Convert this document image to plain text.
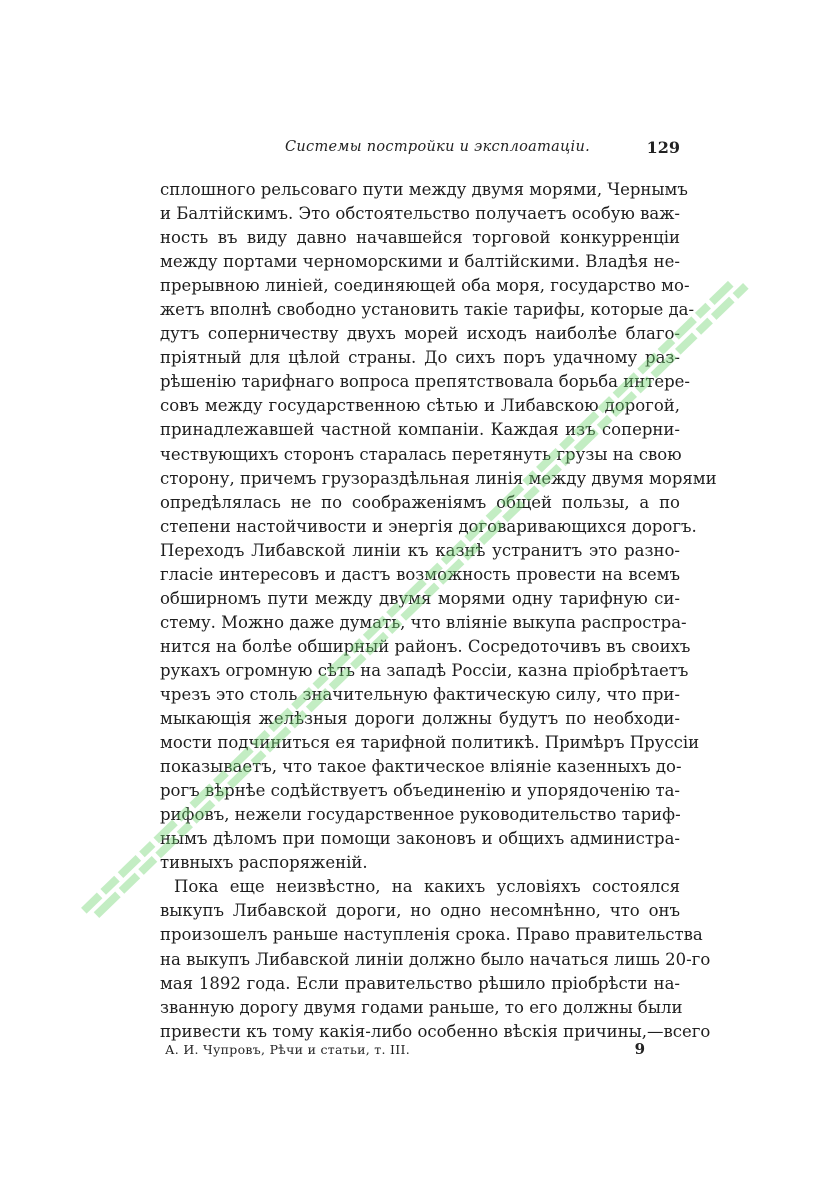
Системы постройки и эксплоатаціи.	129
сплошного рельсоваго пути между двумя морями, Чернымъ
и Балтійскимъ. Это обстоятельство получаетъ особую важ-
ность въ виду давно начавшейся торговой конкурренціи
между портами черноморскими и балтійскими. Владѣя не-
прерывною линіей, соединяющей оба моря, государство мо-
жетъ вполнѣ свободно установить такіе тарифы, которые да-
дутъ соперничеству двухъ морей исходъ наиболѣе благо-
пріятный для цѣлой страны. До сихъ поръ удачному раз-
рѣшенію тарифнаго вопроса препятствовала борьба интере-
совъ между государственною сѣтью и Либавскою дорогой,
принадлежавшей частной компаніи. Каждая изъ соперни-
чествующихъ сторонъ старалась перетянуть грузы на свою
сторону, причемъ грузораздѣльная линія между двумя морями
опредѣлялась не по соображеніямъ общей пользы, а по
степени настойчивости и энергія договаривающихся дорогъ.
Переходъ Либавской линіи къ казнѣ устранитъ это разно-
гласіе интересовъ и дастъ возможность провести на всемъ
обширномъ пути между двумя морями одну тарифную си-
стему. Можно даже думать, что вліяніе выкупа распростра-
нится на болѣе обширный районъ. Сосредоточивъ въ своихъ
рукахъ огромную сѣть на западѣ Россіи, казна пріобрѣтаетъ
чрезъ это столь значительную фактическую силу, что при-
мыкающія желѣзныя дороги должны будутъ по необходи-
мости подчиниться ея тарифной политикѣ. Примѣръ Пруссіи
показываетъ, что такое фактическое вліяніе казенныхъ до-
рогъ вѣрнѣе содѣйствуетъ объединенію и упорядоченію та-
рифовъ, нежели государственное руководительство тариф-
нымъ дѣломъ при помощи законовъ и общихъ администра-
тивныхъ распоряженій.
Пока еще неизвѣстно, на какихъ условіяхъ состоялся
выкупъ Либавской дороги, но одно несомнѣнно, что онъ
произошелъ раньше наступленія срока. Право правительства
на выкупъ Либавской линіи должно было начаться лишь 20-го
мая 1892 года. Если правительство рѣшило пріобрѣсти на-
званную дорогу двумя годами раньше, то его должны были
привести къ тому какія-либо особенно вѣскія причины,—всего
А. И. Чупровъ, Рѣчи и статьи, т. III.	9
